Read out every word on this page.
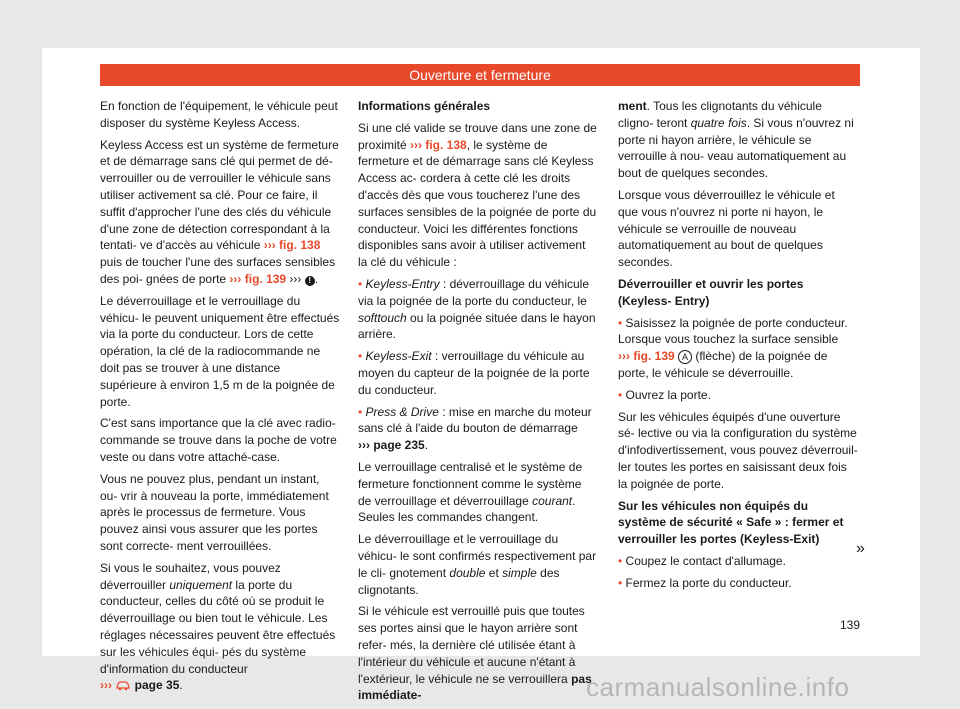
Ouverture et fermeture

En fonction de l'équipement, le véhicule peut disposer du système Keyless Access.

Keyless Access est un système de fermeture et de démarrage sans clé qui permet de dé- verrouiller ou de verrouiller le véhicule sans utiliser activement sa clé. Pour ce faire, il suffit d'approcher l'une des clés du véhicule d'une zone de détection correspondant à la tentati- ve d'accès au véhicule ››› fig. 138 puis de toucher l'une des surfaces sensibles des poi- gnées de porte ››› fig. 139 ››› ! .

Le déverrouillage et le verrouillage du véhicu- le peuvent uniquement être effectués via la porte du conducteur. Lors de cette opération, la clé de la radiocommande ne doit pas se trouver à une distance supérieure à environ 1,5 m de la poignée de porte.

C'est sans importance que la clé avec radio- commande se trouve dans la poche de votre veste ou dans votre attaché-case.

Vous ne pouvez plus, pendant un instant, ou- vrir à nouveau la porte, immédiatement après le processus de fermeture. Vous pouvez ainsi vous assurer que les portes sont correcte- ment verrouillées.

Si vous le souhaitez, vous pouvez déverrouiller uniquement la porte du conducteur, celles du côté où se produit le déverrouillage ou bien tout le véhicule. Les réglages nécessaires peuvent être effectués sur les véhicules équi- pés du système d'information du conducteur
›››  page 35.

Informations générales

Si une clé valide se trouve dans une zone de proximité ››› fig. 138, le système de fermeture et de démarrage sans clé Keyless Access ac- cordera à cette clé les droits d'accès dès que vous toucherez l'une des surfaces sensibles de la poignée de porte du conducteur. Voici les différentes fonctions disponibles sans avoir à utiliser activement la clé du véhicule :

• Keyless-Entry : déverrouillage du véhicule via la poignée de la porte du conducteur, le softtouch ou la poignée située dans le hayon arrière.

• Keyless-Exit : verrouillage du véhicule au moyen du capteur de la poignée de la porte du conducteur.

• Press & Drive : mise en marche du moteur sans clé à l'aide du bouton de démarrage
››› page 235.

Le verrouillage centralisé et le système de fermeture fonctionnent comme le système de verrouillage et déverrouillage courant. Seules les commandes changent.

Le déverrouillage et le verrouillage du véhicu- le sont confirmés respectivement par le cli- gnotement double et simple des clignotants.

Si le véhicule est verrouillé puis que toutes ses portes ainsi que le hayon arrière sont refer- més, la dernière clé utilisée étant à l'intérieur du véhicule et aucune n'étant à l'extérieur, le véhicule ne se verrouillera pas immédiate-

ment. Tous les clignotants du véhicule cligno- teront quatre fois. Si vous n'ouvrez ni porte ni hayon arrière, le véhicule se verrouille à nou- veau automatiquement au bout de quelques secondes.

Lorsque vous déverrouillez le véhicule et que vous n'ouvrez ni porte ni hayon, le véhicule se verrouille de nouveau automatiquement au bout de quelques secondes.

Déverrouiller et ouvrir les portes (Keyless- Entry)

• Saisissez la poignée de porte conducteur. Lorsque vous touchez la surface sensible
››› fig. 139 A (flèche) de la poignée de porte, le véhicule se déverrouille.

• Ouvrez la porte.

Sur les véhicules équipés d'une ouverture sé- lective ou via la configuration du système d'infodivertissement, vous pouvez déverrouil- ler toutes les portes en saisissant deux fois la poignée de porte.

Sur les véhicules non équipés du système de sécurité « Safe » : fermer et verrouiller les portes (Keyless-Exit)

• Coupez le contact d'allumage.

• Fermez la porte du conducteur.

»
139
carmanualsonline.info
